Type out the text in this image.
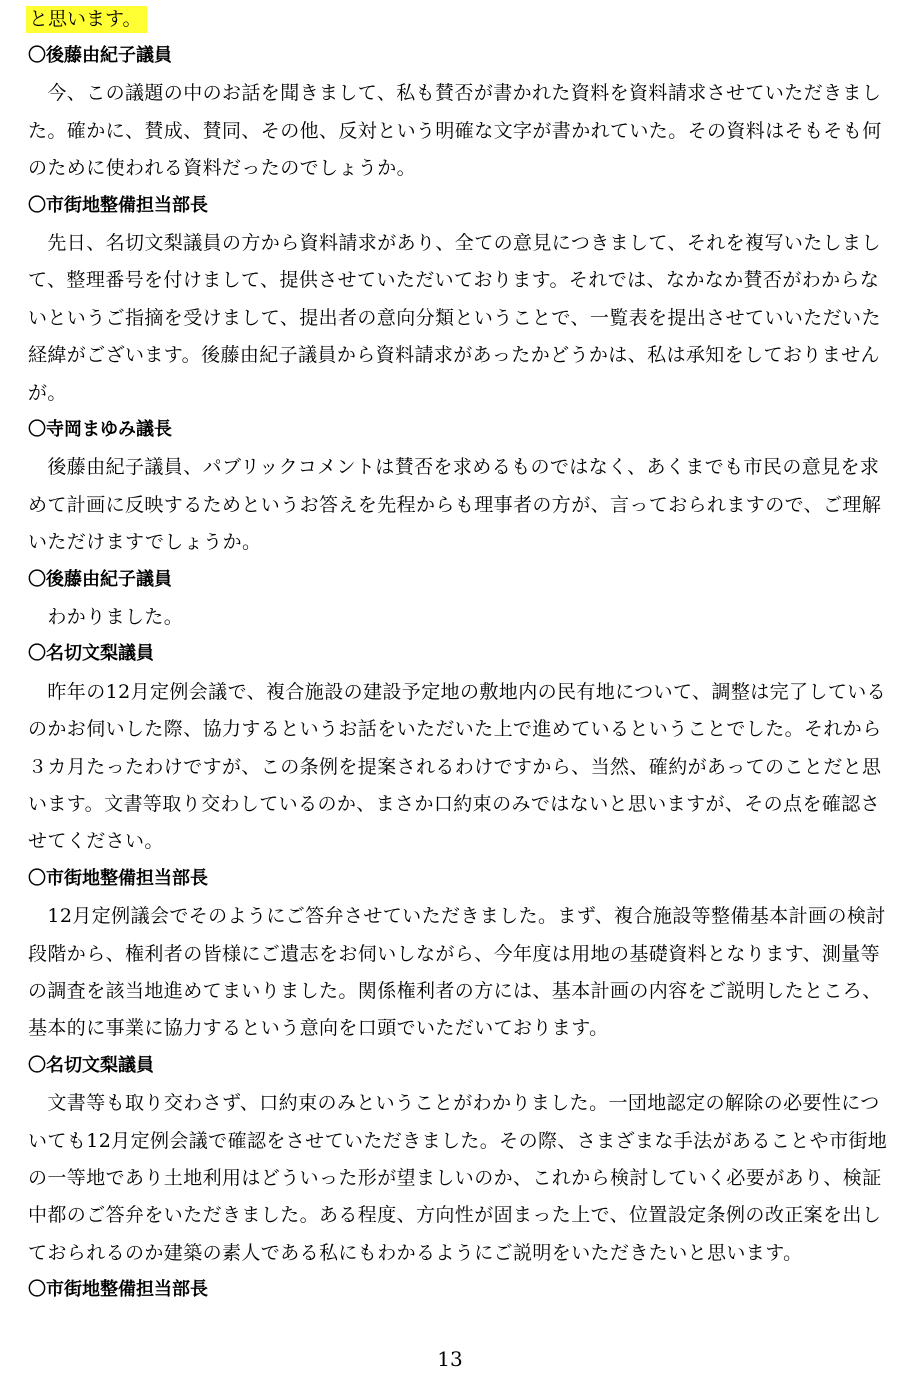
と思います。
〇後藤由紀子議員
　今、この議題の中のお話を聞きまして、私も賛否が書かれた資料を資料請求させていただきまし
た。確かに、賛成、賛同、その他、反対という明確な文字が書かれていた。その資料はそもそも何
のために使われる資料だったのでしょうか。
〇市街地整備担当部長
　先日、名切文梨議員の方から資料請求があり、全ての意見につきまして、それを複写いたしまし
て、整理番号を付けまして、提供させていただいております。それでは、なかなか賛否がわからな
いというご指摘を受けまして、提出者の意向分類ということで、一覧表を提出させていいただいた
経緯がございます。後藤由紀子議員から資料請求があったかどうかは、私は承知をしておりません
が。
〇寺岡まゆみ議長
　後藤由紀子議員、パブリックコメントは賛否を求めるものではなく、あくまでも市民の意見を求
めて計画に反映するためというお答えを先程からも理事者の方が、言っておられますので、ご理解
いただけますでしょうか。
〇後藤由紀子議員
　わかりました。
〇名切文梨議員
　昨年の12月定例会議で、複合施設の建設予定地の敷地内の民有地について、調整は完了している
のかお伺いした際、協力するというお話をいただいた上で進めているということでした。それから
３カ月たったわけですが、この条例を提案されるわけですから、当然、確約があってのことだと思
います。文書等取り交わしているのか、まさか口約束のみではないと思いますが、その点を確認さ
せてください。
〇市街地整備担当部長
　12月定例議会でそのようにご答弁させていただきました。まず、複合施設等整備基本計画の検討
段階から、権利者の皆様にご遺志をお伺いしながら、今年度は用地の基礎資料となります、測量等
の調査を該当地進めてまいりました。関係権利者の方には、基本計画の内容をご説明したところ、
基本的に事業に協力するという意向を口頭でいただいております。
〇名切文梨議員
　文書等も取り交わさず、口約束のみということがわかりました。一団地認定の解除の必要性につ
いても12月定例会議で確認をさせていただきました。その際、さまざまな手法があることや市街地
の一等地であり土地利用はどういった形が望ましいのか、これから検討していく必要があり、検証
中都のご答弁をいただきました。ある程度、方向性が固まった上で、位置設定条例の改正案を出し
ておられるのか建築の素人である私にもわかるようにご説明をいただきたいと思います。
〇市街地整備担当部長
13
